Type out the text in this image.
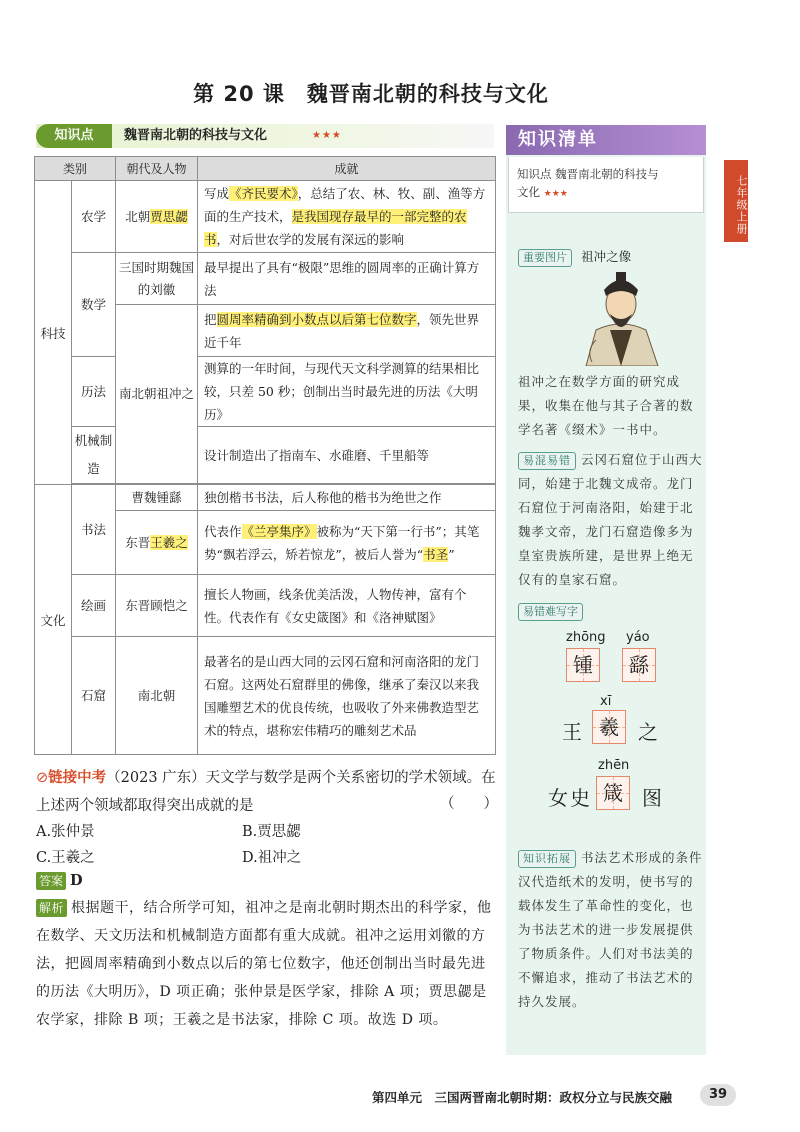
第 20 课　魏晋南北朝的科技与文化
知识点	魏晋南北朝的科技与文化	★★★
类别		朝代及人物	成就
科技	农学	北朝贾思勰	写成《齐民要术》，总结了农、林、牧、副、渔等方面的生产技术，是我国现存最早的一部完整的农书，对后世农学的发展有深远的影响
	数学	三国时期魏国的刘徽	最早提出了具有“极限”思维的圆周率的正确计算方法
		南北朝祖冲之	把圆周率精确到小数点以后第七位数字，领先世界近千年
	历法		测算的一年时间，与现代天文科学测算的结果相比较，只差 50 秒；创制出当时最先进的历法《大明历》
	机械制造		设计制造出了指南车、水碓磨、千里船等

文化	书法	曹魏锺繇	独创楷书书法，后人称他的楷书为绝世之作
		东晋王羲之	代表作《兰亭集序》被称为“天下第一行书”；其笔势“飘若浮云，矫若惊龙”，被后人誉为“书圣”
	绘画	东晋顾恺之	擅长人物画，线条优美活泼，人物传神，富有个性。代表作有《女史箴图》和《洛神赋图》
	石窟	南北朝	最著名的是山西大同的云冈石窟和河南洛阳的龙门石窟。这两处石窟群里的佛像，继承了秦汉以来我国雕塑艺术的优良传统，也吸收了外来佛教造型艺术的特点，堪称宏伟精巧的雕刻艺术品
⊘链接中考（2023 广东）天文学与数学是两个关系密切的学术领域。在上述两个领域都取得突出成就的是	（　　）
A.张仲景	B.贾思勰
C.王羲之	D.祖冲之
答案 D
解析 根据题干，结合所学可知，祖冲之是南北朝时期杰出的科学家，他在数学、天文历法和机械制造方面都有重大成就。祖冲之运用刘徽的方法，把圆周率精确到小数点以后的第七位数字，他还创制出当时最先进的历法《大明历》，D 项正确；张仲景是医学家，排除 A 项；贾思勰是农学家，排除 B 项；王羲之是书法家，排除 C 项。故选 D 项。
知识清单
知识点 魏晋南北朝的科技与
文化 ★★★
重要图片 祖冲之像
祖冲之在数学方面的研究成果，收集在他与其子合著的数学名著《缀术》一书中。
易混易错 云冈石窟位于山西大同，始建于北魏文成帝。龙门石窟位于河南洛阳，始建于北魏孝文帝，龙门石窟造像多为皇室贵族所建，是世界上绝无仅有的皇家石窟。
易错难写字
zhōng yáo
锺	繇
xī
王 羲 之
zhēn
女 史 箴 图
知识拓展 书法艺术形成的条件
汉代造纸术的发明，使书写的载体发生了革命性的变化，也为书法艺术的进一步发展提供了物质条件。人们对书法美的不懈追求，推动了书法艺术的持久发展。
七年级上册
第四单元　三国两晋南北朝时期：政权分立与民族交融	39
